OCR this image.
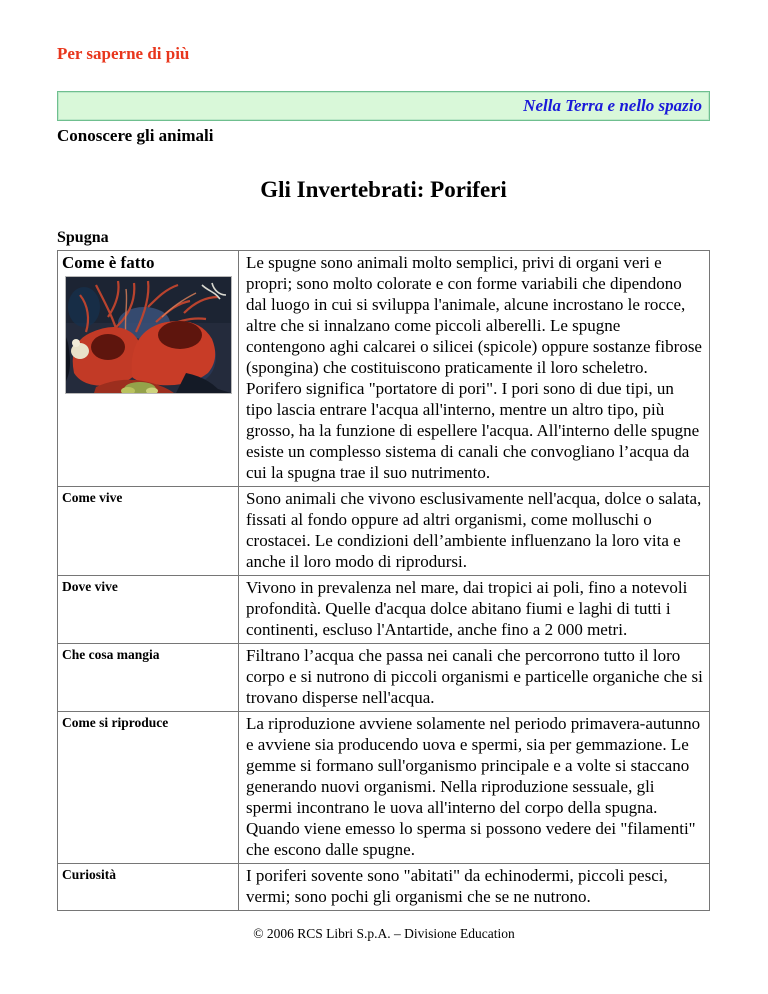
Per saperne di più
Nella Terra e nello spazio
Conoscere gli animali
Gli Invertebrati: Poriferi
Spugna
Come è fatto	Le spugne sono animali molto semplici, privi di organi veri e propri; sono molto colorate e con forme variabili che dipendono dal luogo in cui si sviluppa l'animale, alcune incrostano le rocce, altre che si innalzano come piccoli alberelli. Le spugne contengono aghi calcarei o silicei (spicole) oppure sostanze fibrose (spongina) che costituiscono praticamente il loro scheletro. Porifero significa "portatore di pori". I pori sono di due tipi, un tipo lascia entrare l'acqua all'interno, mentre un altro tipo, più grosso, ha la funzione di espellere l'acqua. All'interno delle spugne esiste un complesso sistema di canali che convogliano l’acqua da cui la spugna trae il suo nutrimento.

Come vive	Sono animali che vivono esclusivamente nell'acqua, dolce o salata, fissati al fondo oppure ad altri organismi, come molluschi o crostacei. Le condizioni dell’ambiente influenzano la loro vita e anche il loro modo di riprodursi.

Dove vive	Vivono in prevalenza nel mare, dai tropici ai poli, fino a notevoli profondità. Quelle d'acqua dolce abitano fiumi e laghi di tutti i continenti, escluso l'Antartide, anche fino a 2 000 metri.

Che cosa mangia	Filtrano l’acqua che passa nei canali che percorrono tutto il loro corpo e si nutrono di piccoli organismi e particelle organiche che si trovano disperse nell'acqua.

Come si riproduce	La riproduzione avviene solamente nel periodo primavera-autunno e avviene sia producendo uova e spermi, sia per gemmazione. Le gemme si formano sull'organismo principale e a volte si staccano generando nuovi organismi. Nella riproduzione sessuale, gli spermi incontrano le uova all'interno del corpo della spugna. Quando viene emesso lo sperma si possono vedere dei "filamenti" che escono dalle spugne.

Curiosità	I poriferi sovente sono "abitati" da echinodermi, piccoli pesci, vermi; sono pochi gli organismi che se ne nutrono.
© 2006 RCS Libri S.p.A. – Divisione Education
